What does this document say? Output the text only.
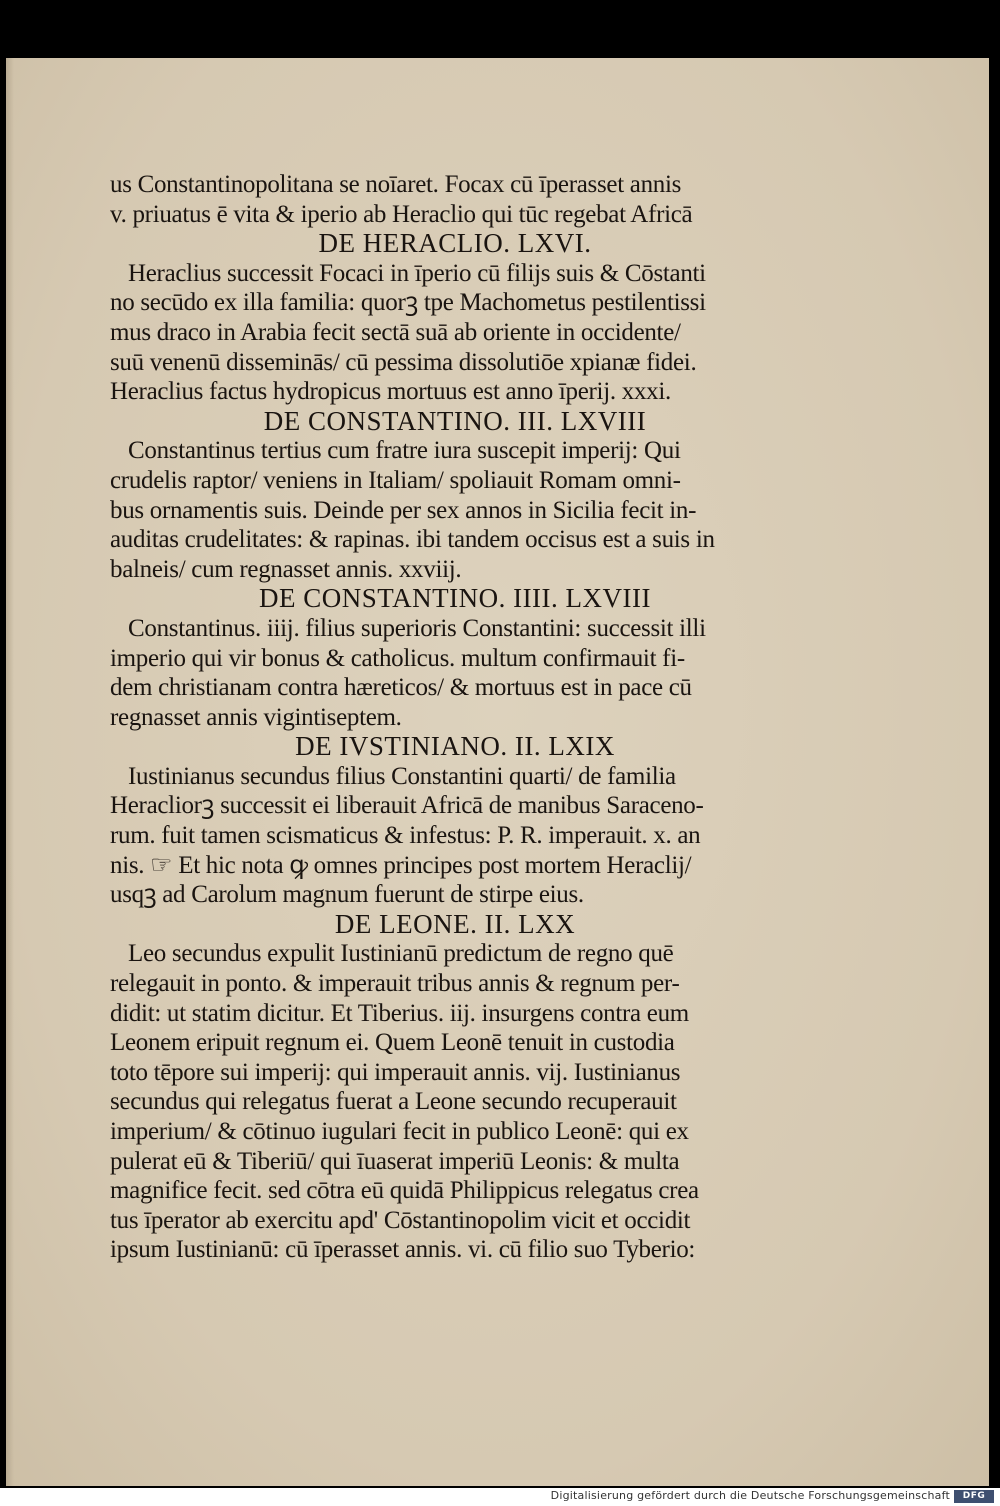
us Constantinopolitana se noīaret. Focax cū īperasset annis
v. priuatus ē vita & iperio ab Heraclio qui tūc regebat Africā
DE HERACLIO. LXVI.
Heraclius successit Focaci in īperio cū filijs suis & Cōstanti
no secūdo ex illa familia: quorꝫ tpe Machometus pestilentissi
mus draco in Arabia fecit sectā suā ab oriente in occidente/
suū venenū disseminās/ cū pessima dissolutiōe xpianæ fidei.
Heraclius factus hydropicus mortuus est anno īperij. xxxi.
DE CONSTANTINO. III. LXVIII
Constantinus tertius cum fratre iura suscepit imperij: Qui
crudelis raptor/ veniens in Italiam/ spoliauit Romam omni-
bus ornamentis suis. Deinde per sex annos in Sicilia fecit in-
auditas crudelitates: & rapinas. ibi tandem occisus est a suis in
balneis/ cum regnasset annis. xxviij.
DE CONSTANTINO. IIII. LXVIII
Constantinus. iiij. filius superioris Constantini: successit illi
imperio qui vir bonus & catholicus. multum confirmauit fi-
dem christianam contra hæreticos/ & mortuus est in pace cū
regnasset annis vigintiseptem.
DE IVSTINIANO. II. LXIX
Iustinianus secundus filius Constantini quarti/ de familia
Heracliorꝫ successit ei liberauit Africā de manibus Saraceno-
rum. fuit tamen scismaticus & infestus: P. R. imperauit. x. an
nis. ☞ Et hic nota ꝙ omnes principes post mortem Heraclij/
usqꝫ ad Carolum magnum fuerunt de stirpe eius.
DE LEONE. II. LXX
Leo secundus expulit Iustinianū predictum de regno quē
relegauit in ponto. & imperauit tribus annis & regnum per-
didit: ut statim dicitur. Et Tiberius. iij. insurgens contra eum
Leonem eripuit regnum ei. Quem Leonē tenuit in custodia
toto tēpore sui imperij: qui imperauit annis. vij. Iustinianus
secundus qui relegatus fuerat a Leone secundo recuperauit
imperium/ & cōtinuo iugulari fecit in publico Leonē: qui ex
pulerat eū & Tiberiū/ qui īuaserat imperiū Leonis: & multa
magnifice fecit. sed cōtra eū quidā Philippicus relegatus crea
tus īperator ab exercitu apd' Cōstantinopolim vicit et occidit
ipsum Iustinianū: cū īperasset annis. vi. cū filio suo Tyberio:
Digitalisierung gefördert durch die Deutsche Forschungsgemeinschaft	DFG
